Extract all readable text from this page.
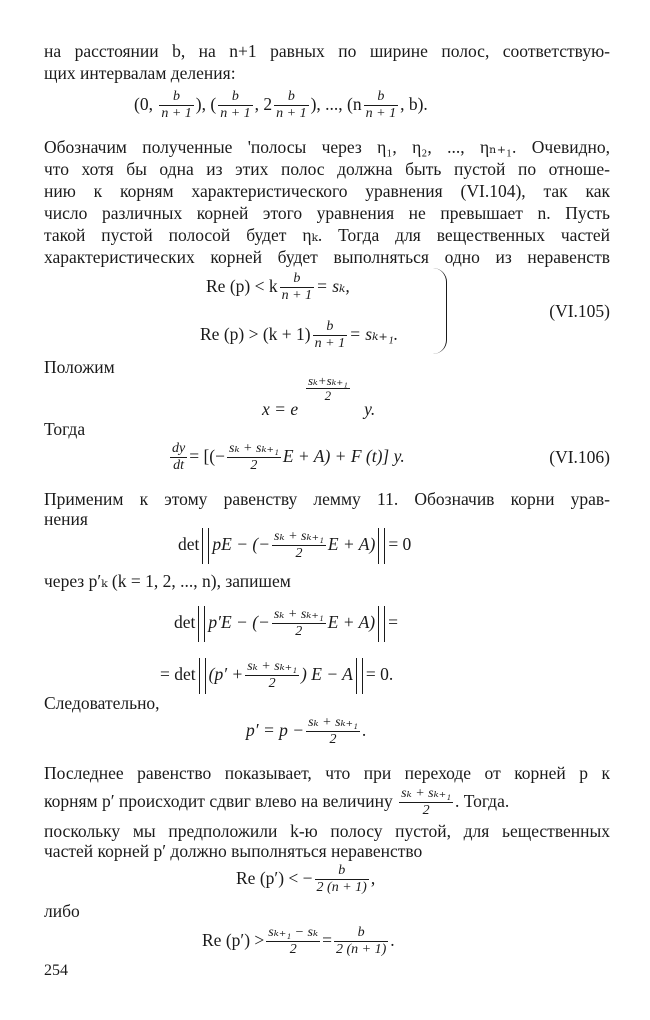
на расстоянии b, на n+1 равных по ширине полос, соответствую-
щих интервалам деления:
(0, $\frac{b}{n + 1}$ ), ( $\frac{b}{n + 1}$ , $2 \frac{b}{n + 1}$ ), ..., ($n \frac{b}{n + 1}$ , b).
Обозначим полученные 'полосы через η₁, η₂, ..., ηₙ₊₁. Очевидно,
что хотя бы одна из этих полос должна быть пустой по отноше-
нию к корням характеристического уравнения (VI.104), так как
число различных корней этого уравнения не превышает n. Пусть
такой пустой полосой будет ηₖ. Тогда для вещественных частей
характеристических корней будет выполняться одно из неравенств
Re (p) < k $\frac{b}{n + 1} = s_k$,
Re $(p) > (k + 1) \frac{b}{n + 1} = s_{k+1}$.
(VI.105)
Положим
sₖ+sₖ₊₁
2
x = e	y.
Тогда
$\frac{dy}{dt}$ = [(− $\frac{\text{sₖ + sₖ₊₁}}{2}$ E + A) + F (t)] y.	(VI.106)
Применим к этому равенству лемму 11. Обозначив корни урав-
нения
det pE − (− $\frac{\text{sₖ + sₖ₊₁}}{2}$ E + A) = 0
через p′ₖ (k = 1, 2, ..., n), запишем
det p′E − (− $\frac{\text{sₖ + sₖ₊₁}}{2}$ E + A) =
= $\det (p' + \frac{\text{sₖ + sₖ₊₁}}{2}$ ) E − A = 0.
Следовательно,
$p' = p - \frac{\text{sₖ + sₖ₊₁}}{2}$ .
Последнее равенство показывает, что при переходе от корней p к
корням p′ происходит сдвиг влево на величину $\frac{\text{sₖ + sₖ₊₁}}{2}$ . Тогда.
поскольку мы предположили k-ю полосу пустой, для ьещественных
частей корней p′ должно выполняться неравенство
Re (p′) < − $\frac{b}{2 (n + 1)}$ ,
либо
Re $(p') > \frac{\text{sₖ₊₁ − sₖ}}{2} = \frac{b}{2 (n + 1)}$ .
254
